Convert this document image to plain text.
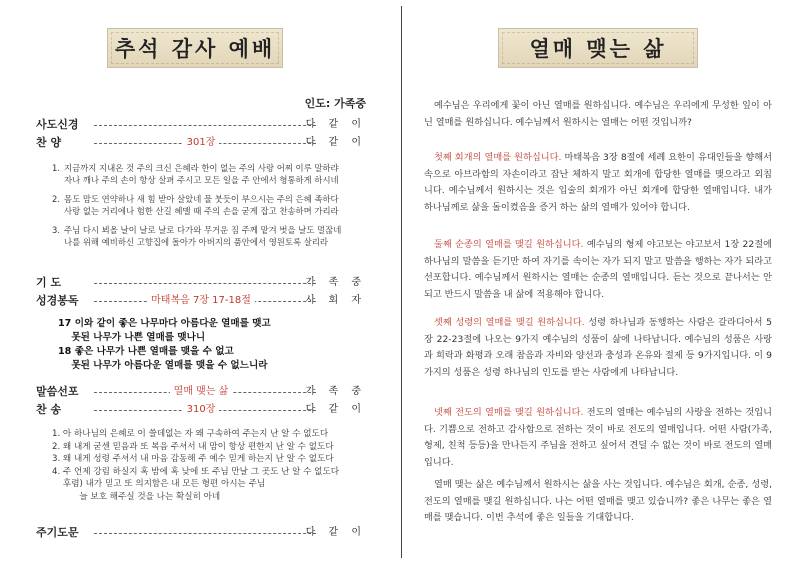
추석 감사 예배
인도: 가족중
사도신경	다 같 이
찬 양	301장	다 같 이
1. 지금까지 지내온 것 주의 크신 은혜라 한이 없는 주의 사랑 어찌 이루 말하랴
자나 깨나 주의 손이 항상 살펴 주시고 모든 일을 주 안에서 형통하게 하시네
2. 몸도 맘도 연약하나 새 힘 받아 살았네 물 붓듯이 부으시는 주의 은혜 족하다
사랑 없는 거리에나 험한 산길 헤맬 때 주의 손을 굳게 잡고 찬송하며 가리라
3. 주님 다시 뵈올 날이 날로 날로 다가와 무거운 짐 주께 맡겨 벗을 날도 멀잖네
나를 위해 예비하신 고향집에 돌아가 아버지의 품안에서 영원토록 살리라
기 도	가 족 중
성경봉독	마태복음 7장 17-18절	사 회 자
17 이와 같이 좋은 나무마다 아름다운 열매를 맺고
못된 나무가 나쁜 열매를 맺나니
18 좋은 나무가 나쁜 열매를 맺을 수 없고
못된 나무가 아름다운 열매를 맺을 수 없느니라
말씀선포	열매 맺는 삶	가 족 중
찬 송	310장	다 같 이
1. 아 하나님의 은혜로 이 쓸데없는 자 왜 구속하여 주는지 난 알 수 없도다
2. 왜 내게 굳센 믿음과 또 복음 주셔서 내 맘이 항상 편한지 난 알 수 없도다
3. 왜 내게 성령 주셔서 내 마음 감동해 주 예수 믿게 하는지 난 알 수 없도다
4. 주 언제 강림 하실지 혹 밤에 혹 낮에 또 주님 만날 그 곳도 난 알 수 없도다
후렴) 내가 믿고 또 의지함은 내 모든 형편 아시는 주님
늘 보호 해주실 것을 나는 확실히 아네
주기도문	다 같 이
열매 맺는 삶
예수님은 우리에게 꽃이 아닌 열매를 원하십니다. 예수님은 우리에게 무성한 잎이 아닌 열매를 원하십니다. 예수님께서 원하시는 열매는 어떤 것입니까?
첫째 회개의 열매를 원하십니다. 마태복음 3장 8절에 세례 요한이 유대인들을 향해서 속으로 아브라함의 자손이라고 잡난 체하지 말고 회개에 합당한 열매를 맺으라고 외칩니다. 예수님께서 원하시는 것은 입술의 회개가 아닌 회개에 합당한 열매입니다. 내가 하나님께로 삶을 돌이켰음을 증거 하는 삶의 열매가 있어야 합니다.
둘째 순종의 열매를 맺길 원하십니다. 예수님의 형제 야고보는 야고보서 1장 22절에 하나님의 말씀을 듣기만 하여 자기를 속이는 자가 되지 말고 말씀을 행하는 자가 되라고 선포합니다. 예수님께서 원하시는 열매는 순종의 열매입니다. 듣는 것으로 끝나서는 안 되고 반드시 말씀을 내 삶에 적용해야 합니다.
셋째 성령의 열매를 맺길 원하십니다. 성령 하나님과 동행하는 사람은 갈라디아서 5장 22-23절에 나오는 9가지 예수님의 성품이 삶에 나타납니다. 예수님의 성품은 사랑과 희락과 화평과 오래 참음과 자비와 양선과 충성과 온유와 절제 등 9가지입니다. 이 9가지의 성품은 성령 하나님의 인도를 받는 사람에게 나타납니다.
넷째 전도의 열매를 맺길 원하십니다. 전도의 열매는 예수님의 사랑을 전하는 것입니다. 기쁨으로 전하고 감사함으로 전하는 것이 바로 전도의 열매입니다. 어떤 사람(가족, 형제, 친척 등등)을 만나든지 주님을 전하고 싶어서 견딜 수 없는 것이 바로 전도의 열매입니다.
열매 맺는 삶은 예수님께서 원하시는 삶을 사는 것입니다. 예수님은 회개, 순종, 성령, 전도의 열매를 맺길 원하십니다. 나는 어떤 열매를 맺고 있습니까? 좋은 나무는 좋은 열매를 맺습니다. 이번 추석에 좋은 일들을 기대합니다.
